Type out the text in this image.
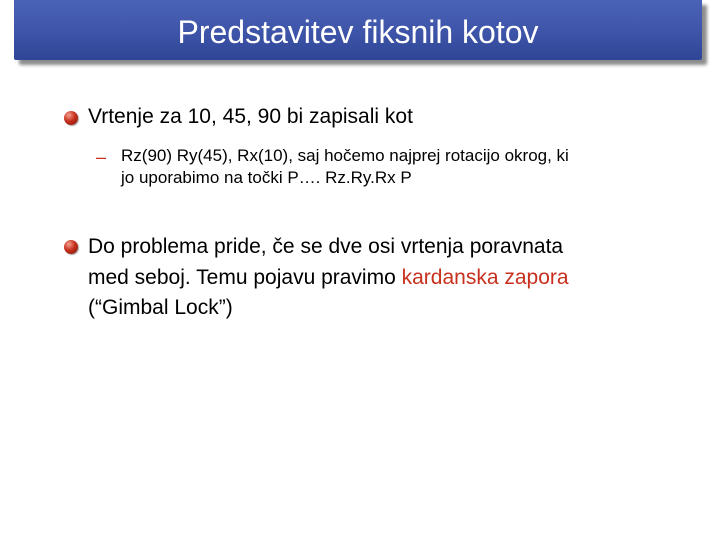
Predstavitev fiksnih kotov
Vrtenje za 10, 45, 90 bi zapisali kot
– Rz(90) Ry(45), Rx(10), saj hočemo najprej rotacijo okrog, ki
jo uporabimo na točki P…. Rz.Ry.Rx P
Do problema pride, če se dve osi vrtenja poravnata
med seboj. Temu pojavu pravimo kardanska zapora
(“Gimbal Lock”)
